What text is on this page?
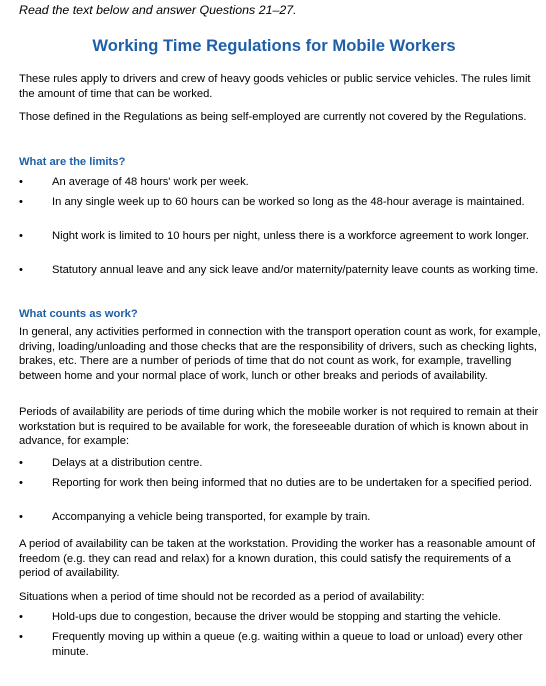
Read the text below and answer Questions 21–27.
Working Time Regulations for Mobile Workers
These rules apply to drivers and crew of heavy goods vehicles or public service vehicles. The rules limit the amount of time that can be worked.
Those defined in the Regulations as being self-employed are currently not covered by the Regulations.
What are the limits?
•	An average of 48 hours' work per week.
•	In any single week up to 60 hours can be worked so long as the 48-hour average is maintained.
•	Night work is limited to 10 hours per night, unless there is a workforce agreement to work longer.
•	Statutory annual leave and any sick leave and/or maternity/paternity leave counts as working time.
What counts as work?
In general, any activities performed in connection with the transport operation count as work, for example, driving, loading/unloading and those checks that are the responsibility of drivers, such as checking lights, brakes, etc. There are a number of periods of time that do not count as work, for example, travelling between home and your normal place of work, lunch or other breaks and periods of availability.
Periods of availability are periods of time during which the mobile worker is not required to remain at their workstation but is required to be available for work, the foreseeable duration of which is known about in advance, for example:
•	Delays at a distribution centre.
•	Reporting for work then being informed that no duties are to be undertaken for a specified period.
•	Accompanying a vehicle being transported, for example by train.
A period of availability can be taken at the workstation. Providing the worker has a reasonable amount of freedom (e.g. they can read and relax) for a known duration, this could satisfy the requirements of a period of availability.
Situations when a period of time should not be recorded as a period of availability:
•	Hold-ups due to congestion, because the driver would be stopping and starting the vehicle.
•	Frequently moving up within a queue (e.g. waiting within a queue to load or unload) every other minute.
